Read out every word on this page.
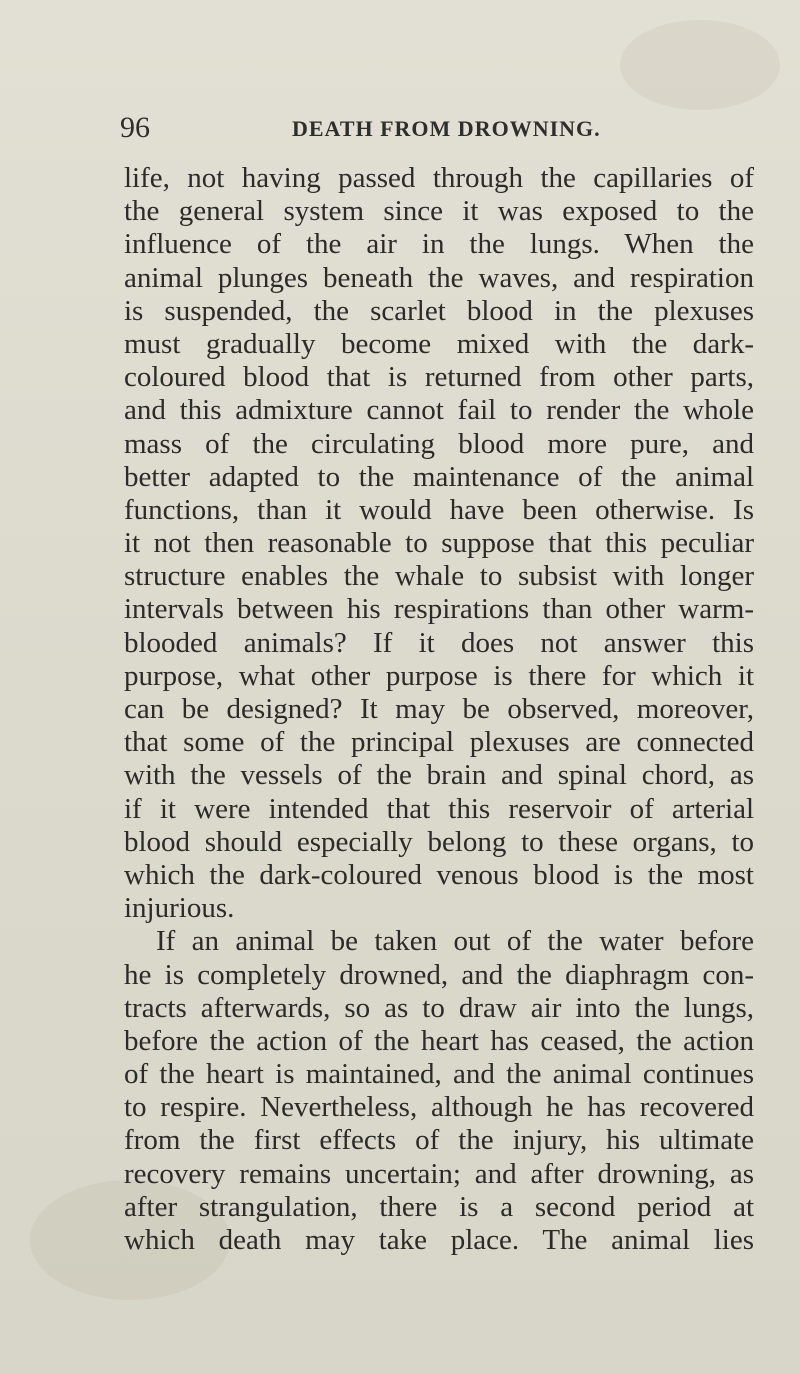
96	DEATH FROM DROWNING.
life, not having passed through the capillaries of
the general system since it was exposed to the
influence of the air in the lungs. When the
animal plunges beneath the waves, and respiration
is suspended, the scarlet blood in the plexuses
must gradually become mixed with the dark-
coloured blood that is returned from other parts,
and this admixture cannot fail to render the whole
mass of the circulating blood more pure, and
better adapted to the maintenance of the animal
functions, than it would have been otherwise. Is
it not then reasonable to suppose that this peculiar
structure enables the whale to subsist with longer
intervals between his respirations than other warm-
blooded animals? If it does not answer this
purpose, what other purpose is there for which it
can be designed? It may be observed, moreover,
that some of the principal plexuses are connected
with the vessels of the brain and spinal chord, as
if it were intended that this reservoir of arterial
blood should especially belong to these organs, to
which the dark-coloured venous blood is the most
injurious.
If an animal be taken out of the water before
he is completely drowned, and the diaphragm con-
tracts afterwards, so as to draw air into the lungs,
before the action of the heart has ceased, the action
of the heart is maintained, and the animal continues
to respire. Nevertheless, although he has recovered
from the first effects of the injury, his ultimate
recovery remains uncertain; and after drowning, as
after strangulation, there is a second period at
which death may take place. The animal lies
